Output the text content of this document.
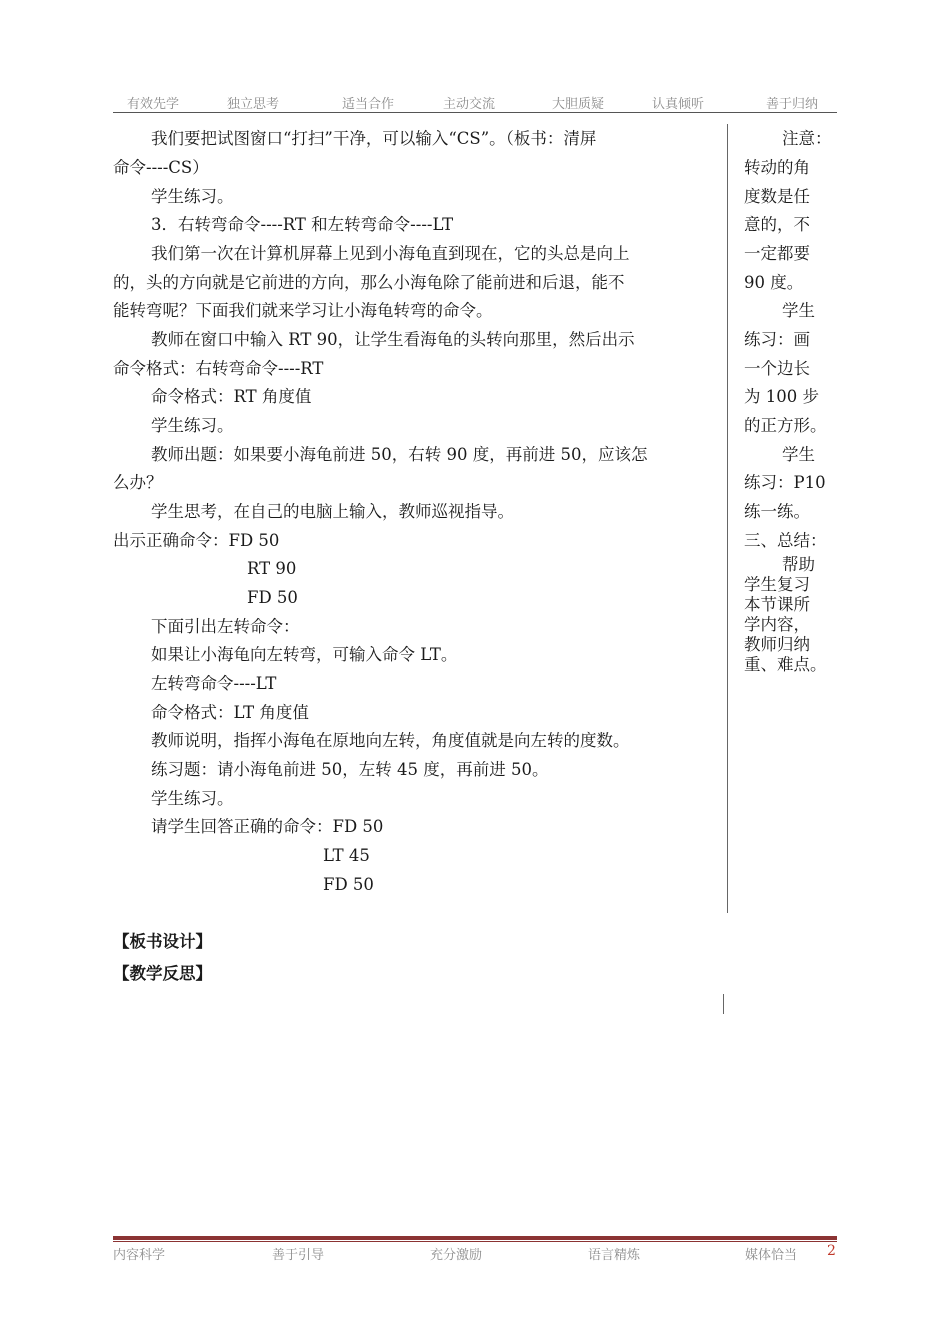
有效先学	独立思考	适当合作	主动交流	大胆质疑	认真倾听	善于归纳
我们要把试图窗口“打扫”干净，可以输入“CS”。（板书：清屏
命令----CS）
学生练习。
3．右转弯命令----RT 和左转弯命令----LT
我们第一次在计算机屏幕上见到小海龟直到现在，它的头总是向上
的，头的方向就是它前进的方向，那么小海龟除了能前进和后退，能不
能转弯呢？下面我们就来学习让小海龟转弯的命令。
教师在窗口中输入 RT 90，让学生看海龟的头转向那里，然后出示
命令格式：右转弯命令----RT
命令格式：RT 角度值
学生练习。
教师出题：如果要小海龟前进 50，右转 90 度，再前进 50，应该怎
么办？
学生思考，在自己的电脑上输入，教师巡视指导。
出示正确命令：FD 50
RT 90
FD 50
下面引出左转命令：
如果让小海龟向左转弯，可输入命令 LT。
左转弯命令----LT
命令格式：LT 角度值
教师说明，指挥小海龟在原地向左转，角度值就是向左转的度数。
练习题：请小海龟前进 50，左转 45 度，再前进 50。
学生练习。
请学生回答正确的命令：FD 50
LT 45
FD 50
注意：
转动的角
度数是任
意的，不
一定都要
90 度。
学生
练习：画
一个边长
为 100 步
的正方形。
学生
练习：P10
练一练。
三、总结：
帮助
学生复习
本节课所
学内容，
教师归纳
重、难点。
【板书设计】
【教学反思】
内容科学	善于引导	充分激励	语言精炼	媒体恰当 2
